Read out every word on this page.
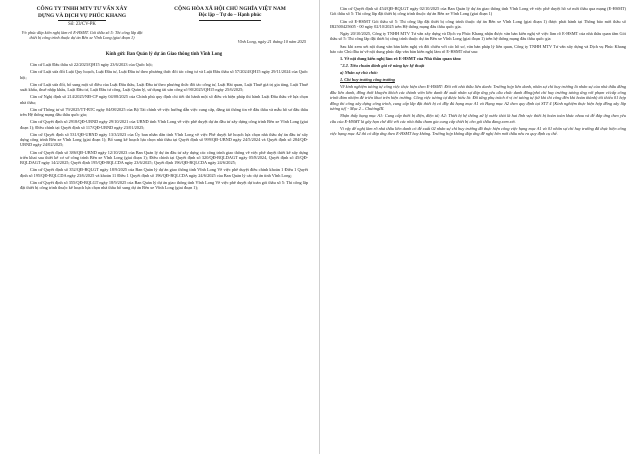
CÔNG TY TNHH MTV TƯ VẤN XÂY
DỰNG VÀ DỊCH VỤ PHÚC KHANG
Số: 23/CV-PK
V/v phúc đáp kiến nghị làm rõ E-HSMT. Gói thầu số 5: Thi công lắp đặt thiết bị công trình thuộc dự án Bến xe Vĩnh Long (giai đoạn 1)
CỘNG HÒA XÃ HỘI CHỦ NGHĨA VIỆT NAM
Độc lập – Tự do – Hạnh phúc
Vĩnh Long, ngày 21 tháng 10 năm 2025
Kính gửi: Ban Quản lý dự án Giao thông tỉnh Vĩnh Long

Căn cứ Luật Đấu thầu số 22/2023/QH15 ngày 23/6/2023 của Quốc hội;

Căn cứ Luật sửa đổi Luật Quy hoạch, Luật Đầu tư, Luật Đầu tư theo phương thức đối tác công tư và Luật Đấu thầu số 57/2024/QH15 ngày 29/11/2024 của Quốc hội;

Căn cứ Luật sửa đổi, bổ sung một số điều của Luật Đấu thầu, Luật Đầu tư theo phương thức đối tác công tư, Luật Hải quan, Luật Thuế giá trị gia tăng, Luật Thuế xuất khẩu, thuế nhập khẩu, Luật Đầu tư, Luật Đầu tư công, Luật Quản lý, sử dụng tài sản công số 90/2025/QH15 ngày 25/6/2025;

Căn cứ Nghị định số 214/2025/NĐ-CP ngày 04/08/2025 của Chính phủ quy định chi tiết thi hành một số điều và biện pháp thi hành Luật Đấu thầu về lựa chọn nhà thầu;

Căn cứ Thông tư số 79/2025/TT-BTC ngày 04/08/2025 của Bộ Tài chính về việc hướng dẫn việc cung cấp, đăng tải thông tin về đấu thầu và mẫu hồ sơ đấu thầu trên Hệ thống mạng đấu thầu quốc gia;

Căn cứ Quyết định số 2918/QĐ-UBND ngày 29/10/2021 của UBND tỉnh Vĩnh Long về việc phê duyệt dự án đầu tư xây dựng công trình Bến xe Vĩnh Long (giai đoạn 1); Điều chỉnh tại Quyết định số 117/QĐ-UBND ngày 23/01/2025;

Căn cứ Quyết định số 531/QĐ-UBND ngày 13/3/2023 của Ủy ban nhân dân tỉnh Vĩnh Long về việc Phê duyệt kế hoạch lựa chọn nhà thầu dự án đầu tư xây dựng công trình Bến xe Vĩnh Long (giai đoạn 1); Bổ sung kế hoạch lựa chọn nhà thầu tại Quyết định số 999/QĐ-UBND ngày 24/5/2024 và Quyết định số 284/QĐ-UBND ngày 24/02/2025;

Căn cứ Quyết định số 386/QĐ-UBND ngày 12/10/2023 của Ban Quản lý dự án đầu tư xây dựng các công trình giao thông về việc phê duyệt thiết kế xây dựng triển khai sau thiết kế cơ sở công trình Bến xe Vĩnh Long (giai đoạn 1); Điều chỉnh tại Quyết định số 320/QĐ-BQLDAGT ngày 05/8/2024, Quyết định số 45/QĐ-BQLDAGT ngày 14/2/2025; Quyết định 195/QĐ-BQLCDA ngày 23/6/2025; Quyết định 196/QĐ-BQLCDA ngày 24/6/2025;

Căn cứ Quyết định số 352/QĐ-BQLGT ngày 18/9/2025 của Ban Quản lý dự án giao thông tỉnh Vĩnh Long Về việc phê duyệt điều chỉnh khoản 1 Điều 1 Quyết định số 195/QĐ-BQLCDA ngày 23/6/2025 và khoản 11 Điều 1 Quyết định số 196/QĐ-BQLCDA ngày 24/6/2025 của Ban Quản lý các dự án tỉnh Vĩnh Long;

Căn cứ Quyết định số 355/QĐ-BQLGT ngày 18/9/2025 của Ban Quản lý dự án giao thông tỉnh Vĩnh Long Về việc phê duyệt dự toán gói thầu số 5: Thi công lắp đặt thiết bị công trình thuộc kế hoạch lựa chọn nhà thầu bổ sung dự án Bến xe Vĩnh Long (giai đoạn 1);

Căn cứ Quyết định số 454/QĐ-BQLGT ngày 02/10/2025 của Ban Quản lý dự án giao thông tỉnh Vĩnh Long về việc phê duyệt hồ sơ mời thầu qua mạng (E-HSMT) Gói thầu số 5: Thi công lắp đặt thiết bị công trình thuộc dự án Bến xe Vĩnh Long (giai đoạn 1)

Căn cứ E-HSMT Gói thầu số 5: Thi công lắp đặt thiết bị công trình thuộc dự án Bến xe Vĩnh Long (giai đoạn 1) được phát hành tại Thông báo mời thầu số IB2500425605 - 00 ngày 02/10/2025 trên Hệ thống mạng đấu thầu quốc gia.

Ngày 20/10/2025, Công ty TNHH MTV Tư vấn xây dựng và Dịch vụ Phúc Khang nhận được văn bản kiến nghị về việc làm rõ E-HSMT của nhà thầu quan tâm Gói thầu số 5: Thi công lắp đặt thiết bị công trình thuộc dự án Bến xe Vĩnh Long (giai đoạn 1) trên hệ thống mạng đấu thầu quốc gia

Sau khi xem xét nội dung văn bản kiến nghị và đối chiếu với các hồ sơ, văn bản pháp lý liên quan, Công ty TNHH MTV Tư vấn xây dựng và Dịch vụ Phúc Khang báo cáo Chủ đầu tư về nội dung phúc đáp văn bản kiến nghị làm rõ E-HSMT như sau:

1. Về nội dung kiến nghị làm rõ E-HSMT của Nhà thầu quan tâm:

"2.2. Tiêu chuẩn đánh giá về năng lực kỹ thuật

a) Nhân sự chủ chốt:

1. Chỉ huy trưởng công trường

Về kinh nghiệm tương tự công việc thực hiện theo E-HSMT: Đối với nhà thầu liên danh: Trường hợp liên danh, nhân sự chỉ huy trưởng là nhân sự của nhà thầu đứng đầu liên danh, đồng thời khuyến khích các thành viên liên danh để xuất nhân sự đáp ứng yêu cầu chức danh đồng/phó chỉ huy trưởng tương ứng với phạm vi/cấp công trình đảm nhiệm để triển khai trên hiện trường. Công việc tương tự được hiểu là: Đã từng phụ trách ở vị trí tương tự (từ khi thi công đến khi hoàn thành) tối thiểu 01 hợp đồng thi công xây dựng công trình, cung cấp lắp đặt thiết bị có đầy đủ hạng mục A1 và Hạng mục A2 theo quy định tại STT 4 [Kinh nghiệm thực hiện hợp đồng xây lắp tương tự] - Mục 2 – ChươngIII.

Nhận thấy hạng mục A1: Cung cấp thiết bị điện, điện tử; A2: Thiết bị hệ thống xử lý nước thải là hai lĩnh vực thiết bị hoàn toàn khác nhau và để đáp ứng theo yêu cầu của E-HSMT là gây hạn chế đối với các nhà thầu tham gia cung cấp thiết bị cho gói thầu đang xem xét.

Vì vậy để nghị làm rõ nhà thầu liên danh có để xuất 02 nhân sự chỉ huy trưởng đã thực hiện công việc hạng mục A1 và 01 nhân sự chỉ huy trưởng đã thực hiện công việc hạng mục A2 thì có đáp ứng theo E-HSMT hay không. Trường hợp không đáp ứng đề nghị bên mời thầu nêu ra quy định cụ thể.
